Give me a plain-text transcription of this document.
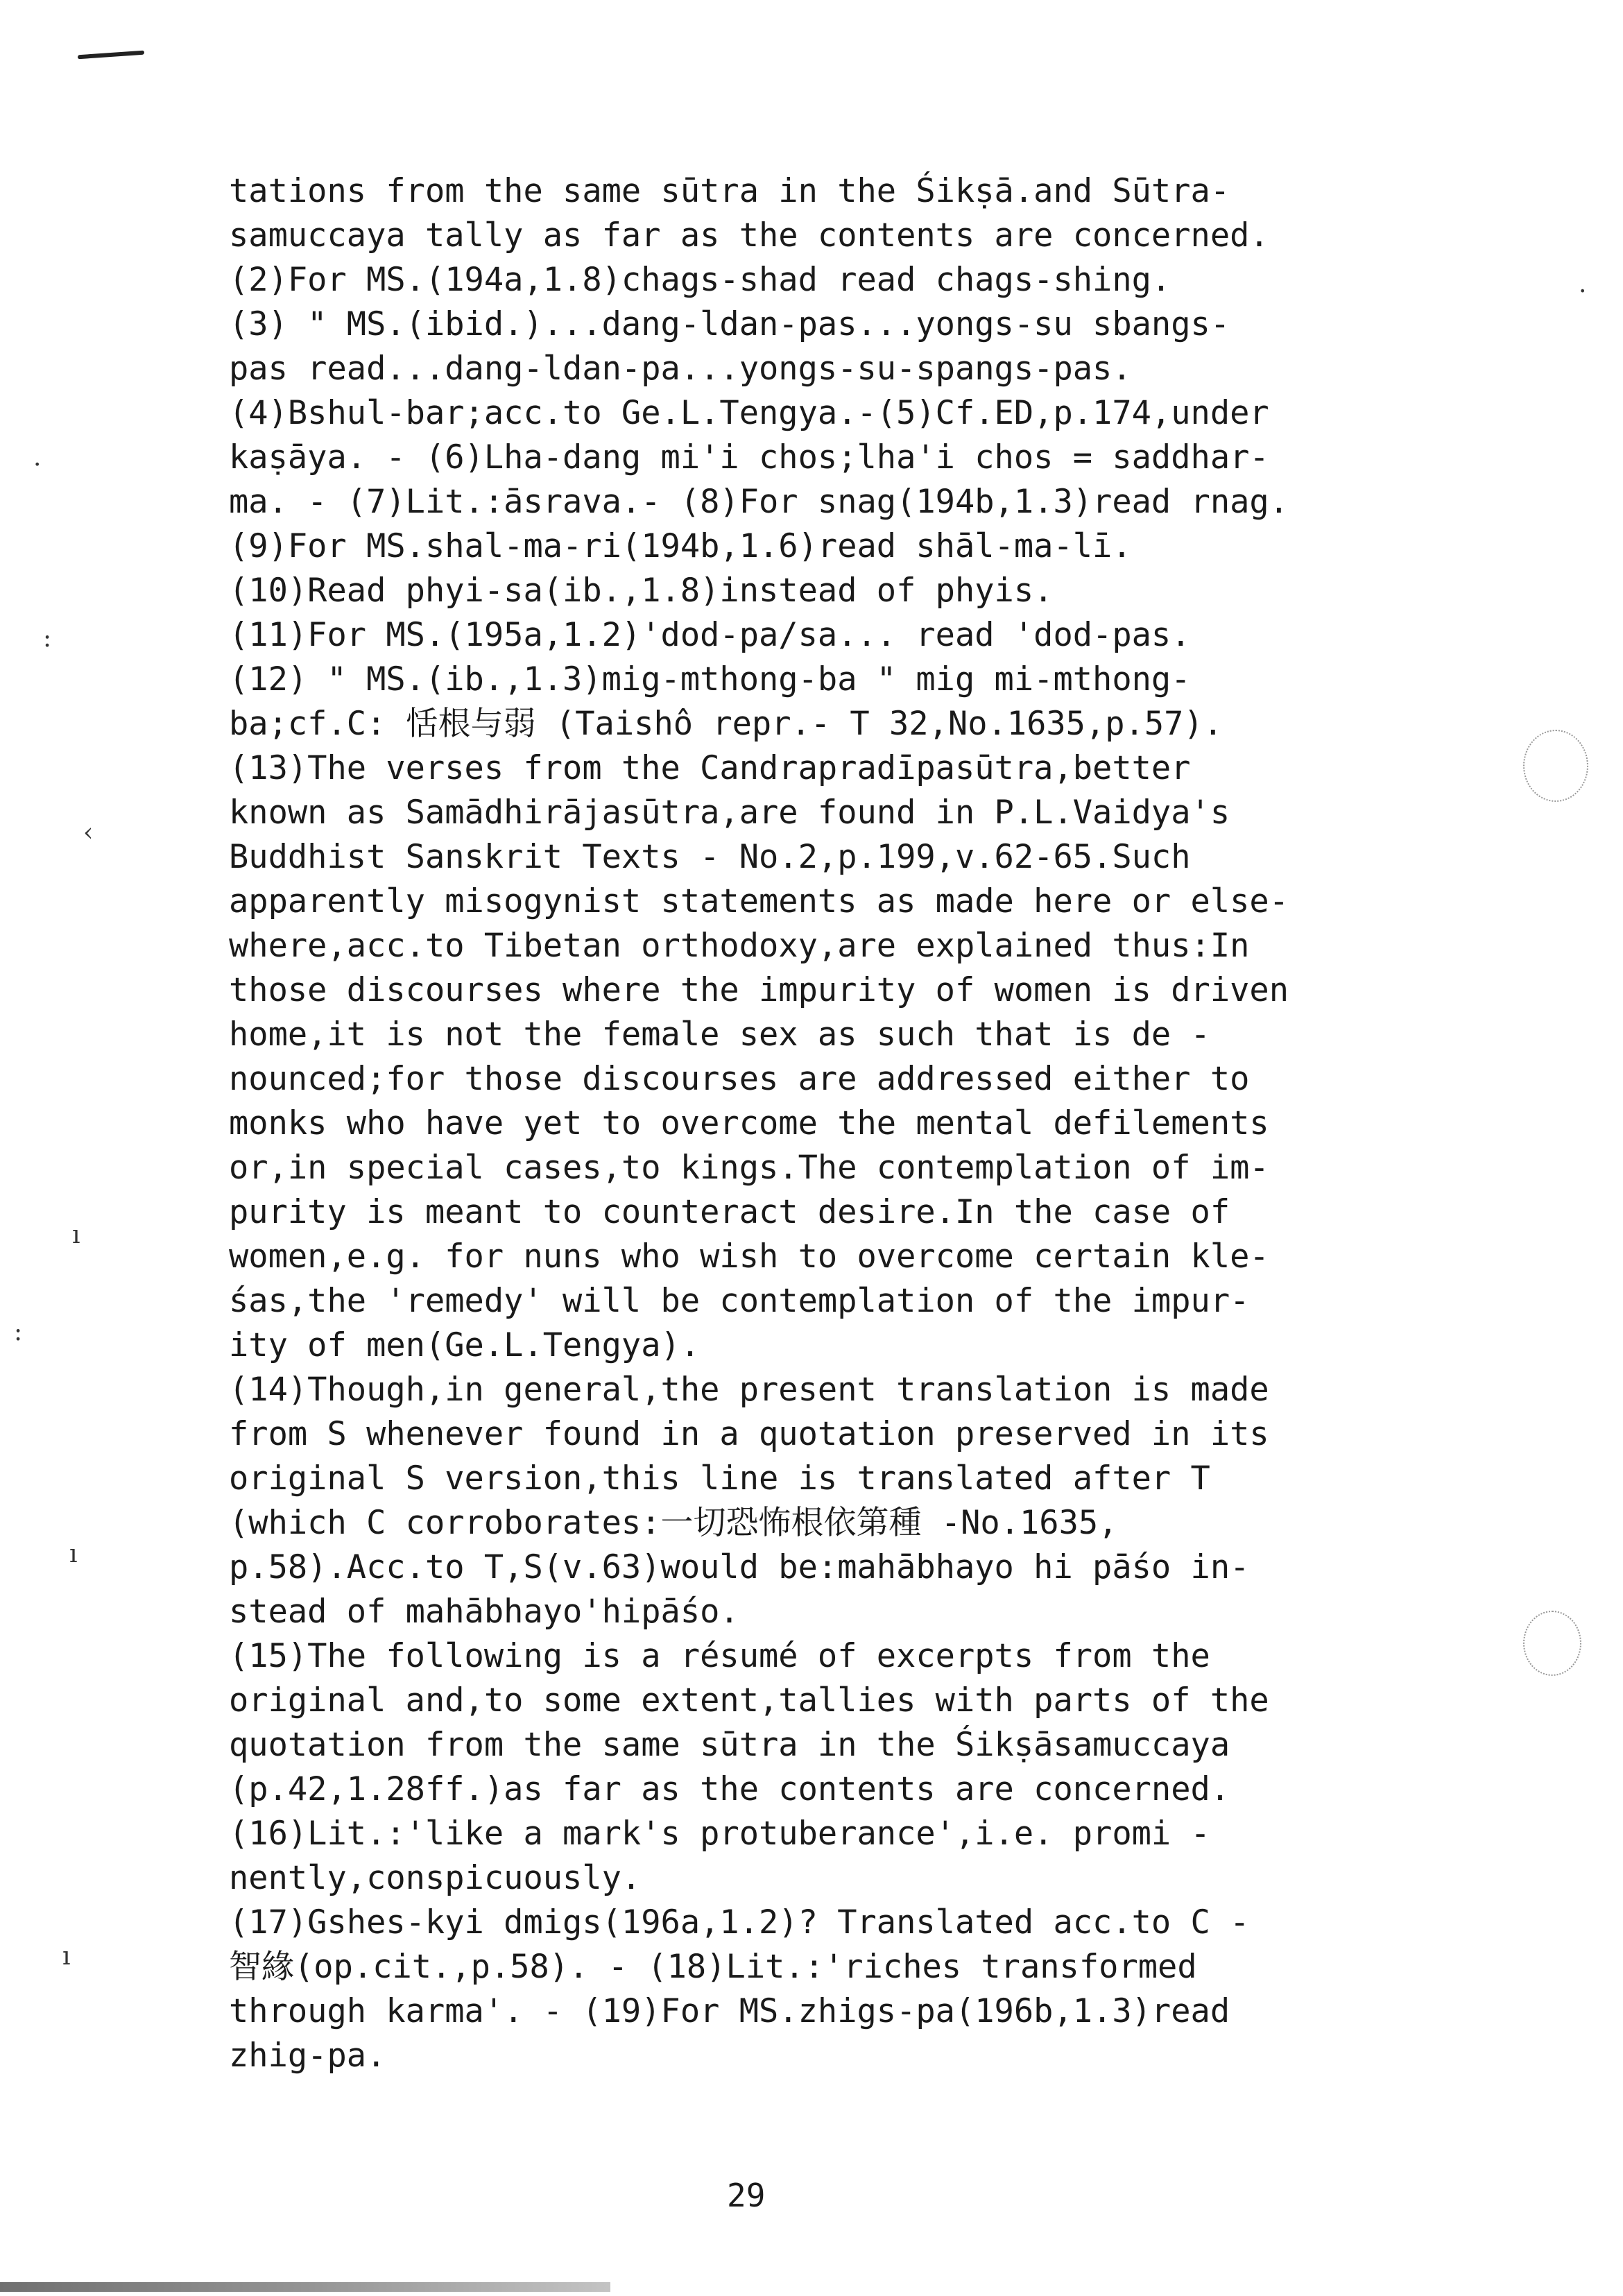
tations from the same sūtra in the Śikṣā.and Sūtra-
samuccaya tally as far as the contents are concerned.
(2)For MS.(194a,1.8)chags-shad read chags-shing.
(3) " MS.(ibid.)...dang-ldan-pas...yongs-su sbangs-
pas read...dang-ldan-pa...yongs-su-spangs-pas.
(4)Bshul-bar;acc.to Ge.L.Tengya.-(5)Cf.ED,p.174,under
kaṣāya. - (6)Lha-dang mi'i chos;lha'i chos = saddhar-
ma. - (7)Lit.:āsrava.- (8)For snag(194b,1.3)read rnag.
(9)For MS.shal-ma-ri(194b,1.6)read shāl-ma-lī.
(10)Read phyi-sa(ib.,1.8)instead of phyis.
(11)For MS.(195a,1.2)'dod-pa/sa... read 'dod-pas.
(12) " MS.(ib.,1.3)mig-mthong-ba " mig mi-mthong-
ba;cf.C: 恬根与弱 (Taishô repr.- T 32,No.1635,p.57).
(13)The verses from the Candrapradīpasūtra,better
known as Samādhirājasūtra,are found in P.L.Vaidya's
Buddhist Sanskrit Texts - No.2,p.199,v.62-65.Such
apparently misogynist statements as made here or else-
where,acc.to Tibetan orthodoxy,are explained thus:In
those discourses where the impurity of women is driven
home,it is not the female sex as such that is de -
nounced;for those discourses are addressed either to
monks who have yet to overcome the mental defilements
or,in special cases,to kings.The contemplation of im-
purity is meant to counteract desire.In the case of
women,e.g. for nuns who wish to overcome certain kle-
śas,the 'remedy' will be contemplation of the impur-
ity of men(Ge.L.Tengya).
(14)Though,in general,the present translation is made
from S whenever found in a quotation preserved in its
original S version,this line is translated after T
(which C corroborates:一切恐怖根依第種 -No.1635,
p.58).Acc.to T,S(v.63)would be:mahābhayo hi pāśo in-
stead of mahābhayo'hipāśo.
(15)The following is a résumé of excerpts from the
original and,to some extent,tallies with parts of the
quotation from the same sūtra in the Śikṣāsamuccaya
(p.42,1.28ff.)as far as the contents are concerned.
(16)Lit.:'like a mark's protuberance',i.e. promi -
nently,conspicuously.
(17)Gshes-kyi dmigs(196a,1.2)? Translated acc.to C -
智緣(op.cit.,p.58). - (18)Lit.:'riches transformed
through karma'. - (19)For MS.zhigs-pa(196b,1.3)read
zhig-pa.
29
·
:
‹
ı
:
ı
ı
·
